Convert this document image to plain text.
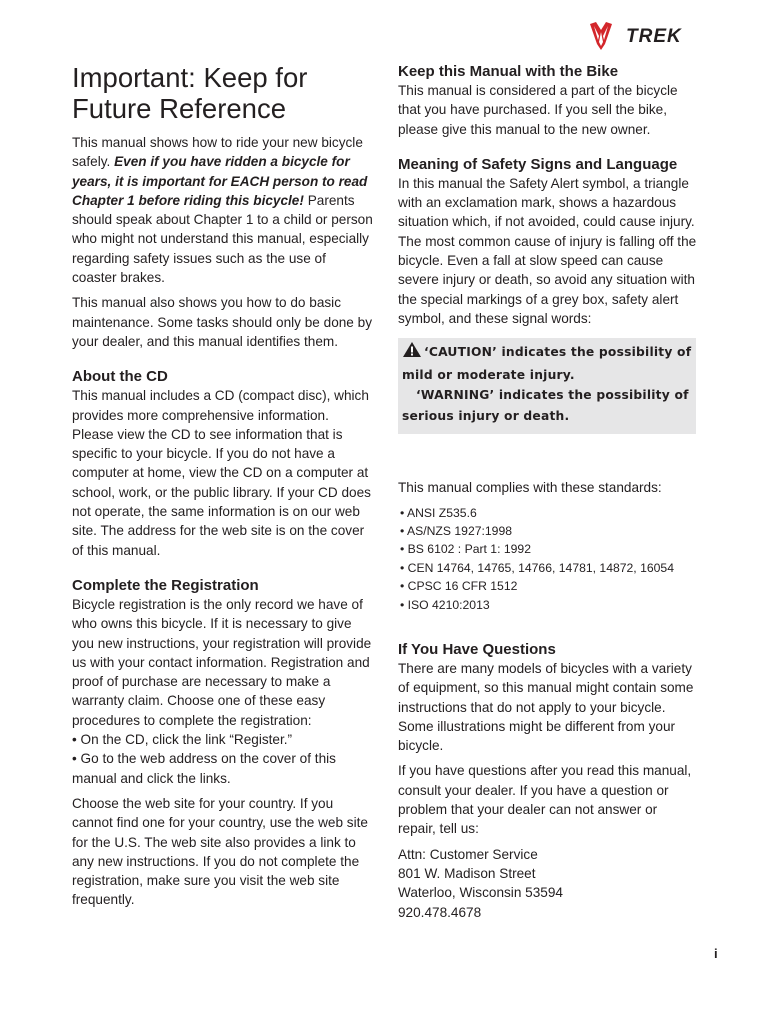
TREK
Important: Keep for Future Reference

This manual shows how to ride your new bicycle safely. Even if you have ridden a bicycle for years, it is important for EACH person to read Chapter 1 before riding this bicycle! Parents should speak about Chapter 1 to a child or person who might not understand this manual, especially regarding safety issues such as the use of coaster brakes.

This manual also shows you how to do basic maintenance. Some tasks should only be done by your dealer, and this manual identifies them.

About the CD

This manual includes a CD (compact disc), which provides more comprehensive information. Please view the CD to see information that is specific to your bicycle. If you do not have a computer at home, view the CD on a computer at school, work, or the public library. If your CD does not operate, the same information is on our web site. The address for the web site is on the cover of this manual.

Complete the Registration

Bicycle registration is the only record we have of who owns this bicycle. If it is necessary to give you new instructions, your registration will provide us with your contact information. Registration and proof of purchase are necessary to make a warranty claim. Choose one of these easy procedures to complete the registration:

• On the CD, click the link “Register.”

• Go to the web address on the cover of this manual and click the links.

Choose the web site for your country. If you cannot find one for your country, use the web site for the U.S. The web site also provides a link to any new instructions. If you do not complete the registration, make sure you visit the web site frequently.

Keep this Manual with the Bike

This manual is considered a part of the bicycle that you have purchased. If you sell the bike, please give this manual to the new owner.

Meaning of Safety Signs and Language

In this manual the Safety Alert symbol, a triangle with an exclamation mark, shows a hazardous situation which, if not avoided, could cause injury. The most common cause of injury is falling off the bicycle. Even a fall at slow speed can cause severe injury or death, so avoid any situation with the special markings of a grey box, safety alert symbol, and these signal words:

‘CAUTION’ indicates the possibility of mild or moderate injury.
‘WARNING’ indicates the possibility of serious injury or death.

This manual complies with these standards:

• ANSI Z535.6
• AS/NZS 1927:1998
• BS 6102 : Part 1: 1992
• CEN 14764, 14765, 14766, 14781, 14872, 16054
• CPSC 16 CFR 1512
• ISO 4210:2013
If You Have Questions

There are many models of bicycles with a variety of equipment, so this manual might contain some instructions that do not apply to your bicycle. Some illustrations might be different from your bicycle.

If you have questions after you read this manual, consult your dealer. If you have a question or problem that your dealer can not answer or repair, tell us:

Attn: Customer Service

801 W. Madison Street

Waterloo, Wisconsin 53594

920.478.4678

i
